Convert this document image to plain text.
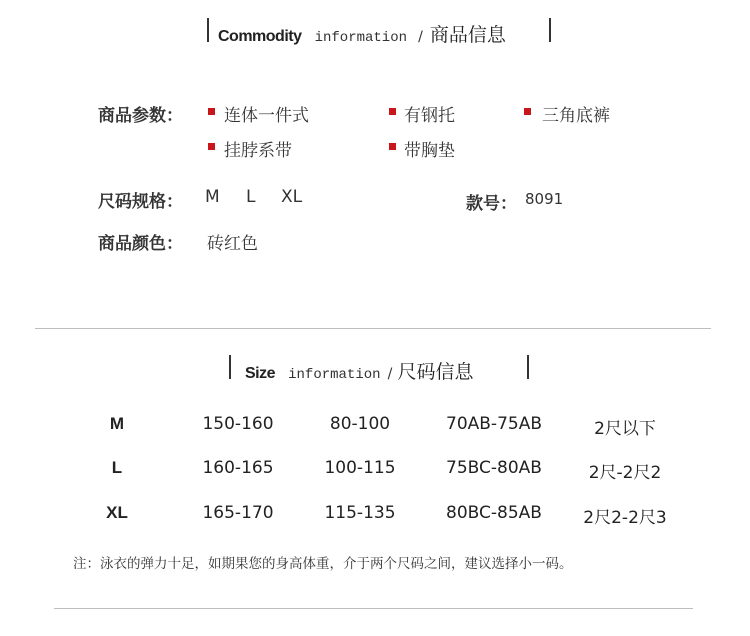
Commodity information / 商品信息
商品参数： 连体一件式	有钢托	三角底裤
挂脖系带	带胸垫
尺码规格： M L XL	款号： 8091
商品颜色： 砖红色
Size information / 尺码信息
M	150-160	80-100	70AB-75AB	2尺以下
L	160-165	100-115	75BC-80AB	2尺-2尺2
XL	165-170	115-135	80BC-85AB 2尺2-2尺3
注：泳衣的弹力十足，如期果您的身高体重，介于两个尺码之间，建议选择小一码。
